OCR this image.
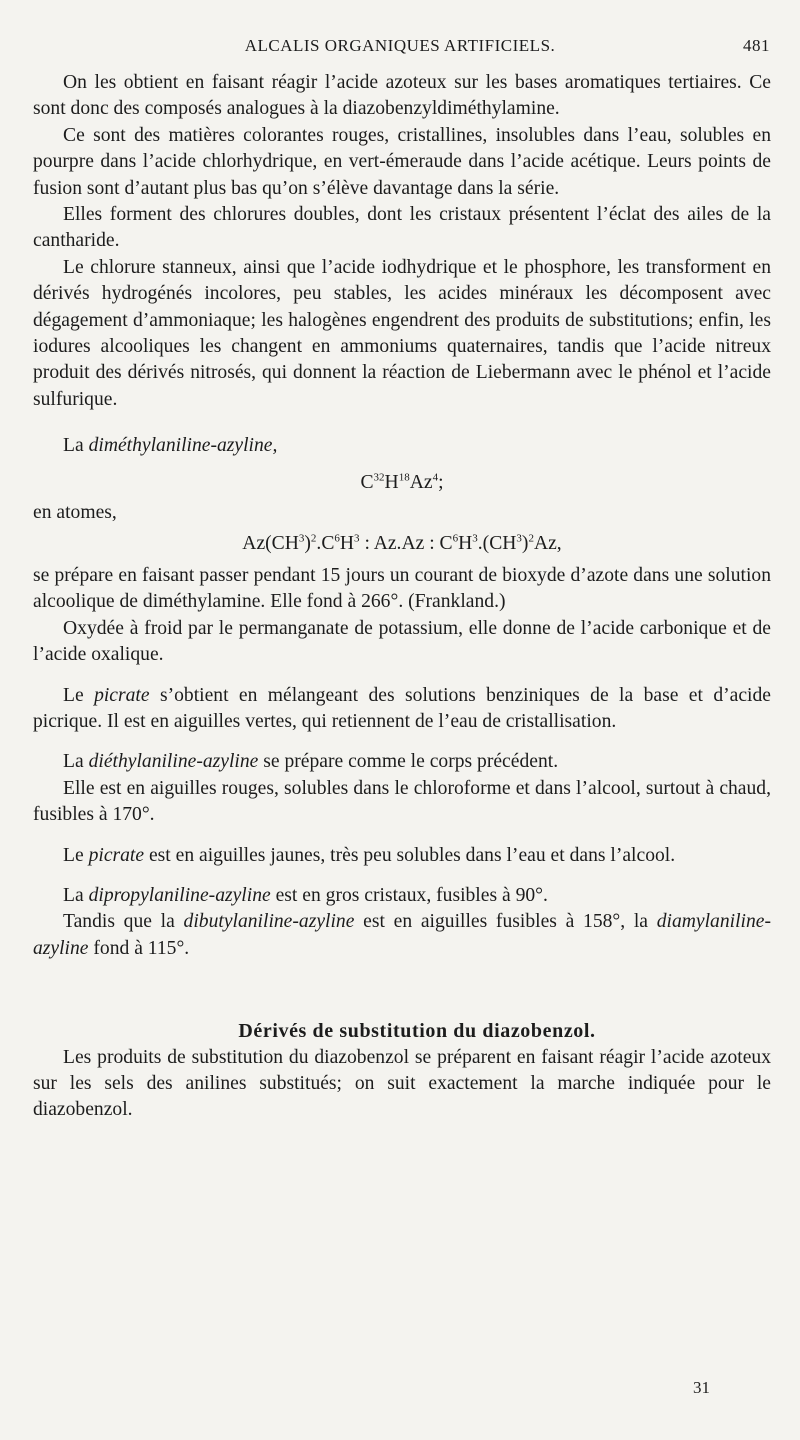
ALCALIS ORGANIQUES ARTIFICIELS.	481

On les obtient en faisant réagir l’acide azoteux sur les bases aromatiques tertiaires. Ce sont donc des composés analogues à la diazobenzyldiméthylamine.

Ce sont des matières colorantes rouges, cristallines, insolubles dans l’eau, solubles en pourpre dans l’acide chlorhydrique, en vert-émeraude dans l’acide acétique. Leurs points de fusion sont d’autant plus bas qu’on s’élève davantage dans la série.

Elles forment des chlorures doubles, dont les cristaux présentent l’éclat des ailes de la cantharide.

Le chlorure stanneux, ainsi que l’acide iodhydrique et le phosphore, les transforment en dérivés hydrogénés incolores, peu stables, les acides minéraux les décomposent avec dégagement d’ammoniaque; les halogènes engendrent des produits de substitutions; enfin, les iodures alcooliques les changent en ammoniums quaternaires, tandis que l’acide nitreux produit des dérivés nitrosés, qui donnent la réaction de Liebermann avec le phénol et l’acide sulfurique.

La diméthylaniline-azyline,

$C^{32}H^{18}Az^4$;

en atomes,

$Az(CH^3)^2.C^6H^3$ : Az.Az : $C^6H^3.(CH^3)^2Az$,

se prépare en faisant passer pendant 15 jours un courant de bioxyde d’azote dans une solution alcoolique de diméthylamine. Elle fond à 266°. (Frankland.)

Oxydée à froid par le permanganate de potassium, elle donne de l’acide carbonique et de l’acide oxalique.

Le picrate s’obtient en mélangeant des solutions benziniques de la base et d’acide picrique. Il est en aiguilles vertes, qui retiennent de l’eau de cristallisation.

La diéthylaniline-azyline se prépare comme le corps précédent.

Elle est en aiguilles rouges, solubles dans le chloroforme et dans l’alcool, surtout à chaud, fusibles à 170°.

Le picrate est en aiguilles jaunes, très peu solubles dans l’eau et dans l’alcool.

La dipropylaniline-azyline est en gros cristaux, fusibles à 90°.

Tandis que la dibutylaniline-azyline est en aiguilles fusibles à 158°, la diamylaniline-azyline fond à 115°.

Dérivés de substitution du diazobenzol.

Les produits de substitution du diazobenzol se préparent en faisant réagir l’acide azoteux sur les sels des anilines substitués; on suit exactement la marche indiquée pour le diazobenzol.

31
